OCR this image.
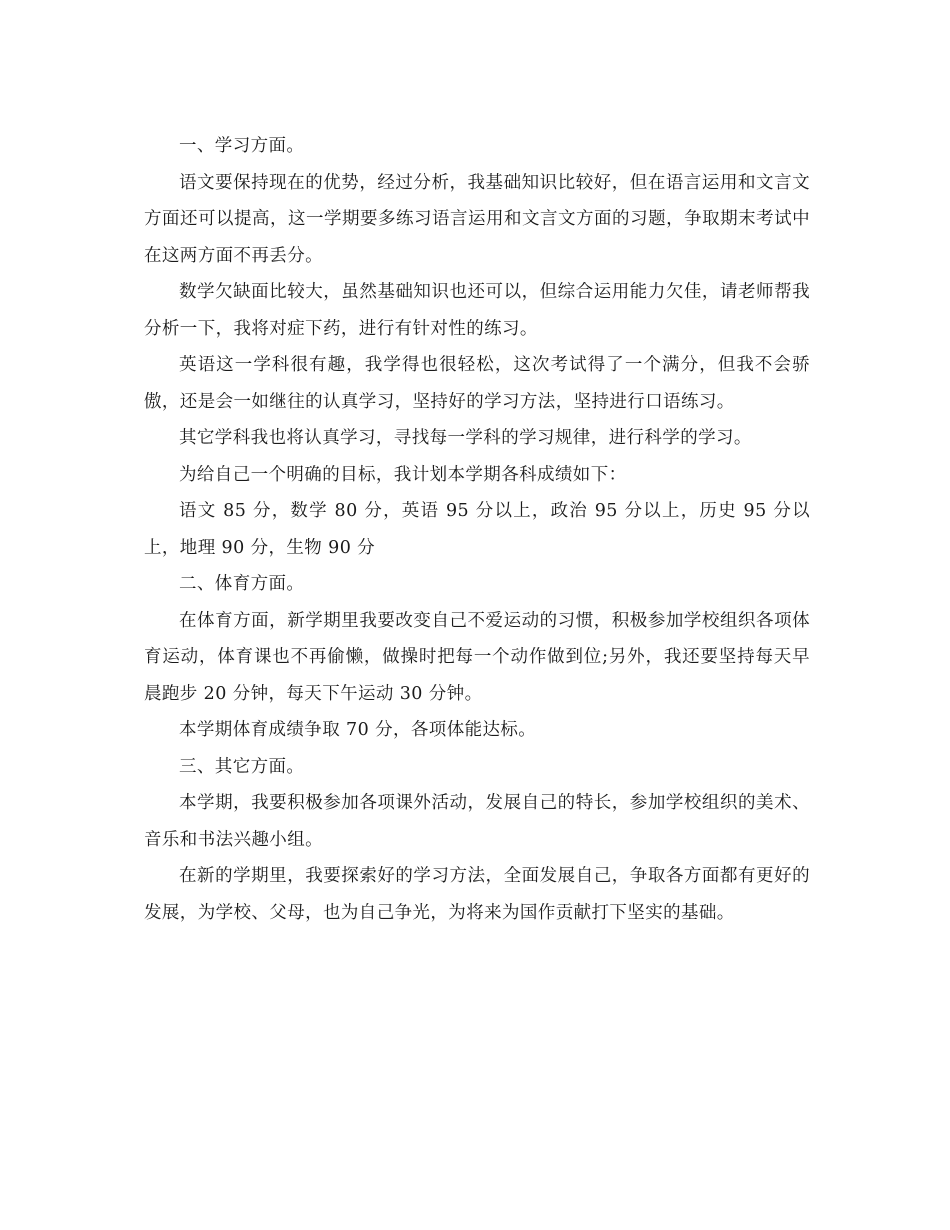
一、学习方面。

语文要保持现在的优势，经过分析，我基础知识比较好，但在语言运用和文言文方面还可以提高，这一学期要多练习语言运用和文言文方面的习题，争取期末考试中在这两方面不再丢分。

数学欠缺面比较大，虽然基础知识也还可以，但综合运用能力欠佳，请老师帮我分析一下，我将对症下药，进行有针对性的练习。

英语这一学科很有趣，我学得也很轻松，这次考试得了一个满分，但我不会骄傲，还是会一如继往的认真学习，坚持好的学习方法，坚持进行口语练习。

其它学科我也将认真学习，寻找每一学科的学习规律，进行科学的学习。

为给自己一个明确的目标，我计划本学期各科成绩如下：

语文 85 分，数学 80 分，英语 95 分以上，政治 95 分以上，历史 95 分以上，地理 90 分，生物 90 分

二、体育方面。

在体育方面，新学期里我要改变自己不爱运动的习惯，积极参加学校组织各项体育运动，体育课也不再偷懒，做操时把每一个动作做到位;另外，我还要坚持每天早晨跑步 20 分钟，每天下午运动 30 分钟。

本学期体育成绩争取 70 分，各项体能达标。

三、其它方面。

本学期，我要积极参加各项课外活动，发展自己的特长，参加学校组织的美术、音乐和书法兴趣小组。

在新的学期里，我要探索好的学习方法，全面发展自己，争取各方面都有更好的发展，为学校、父母，也为自己争光，为将来为国作贡献打下坚实的基础。
